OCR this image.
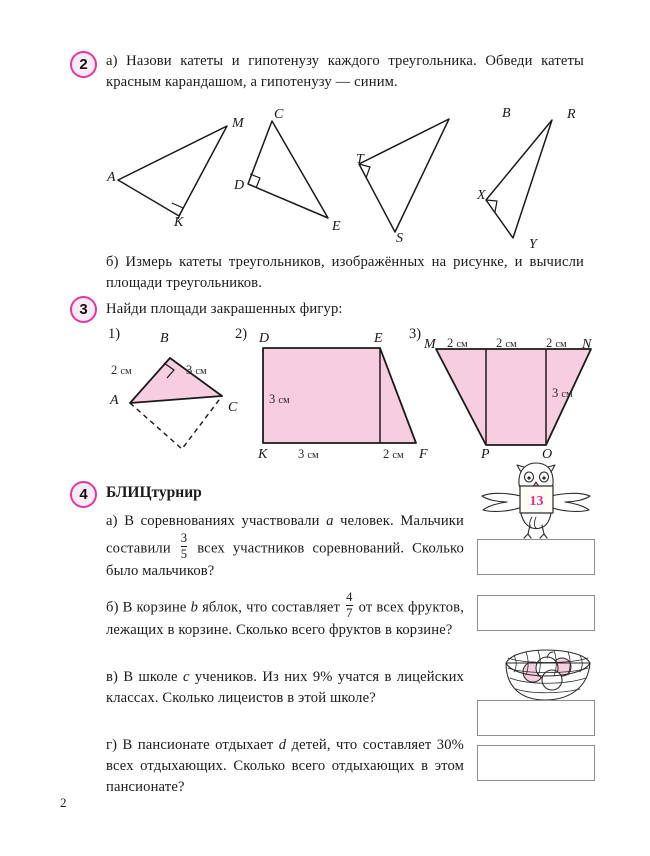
2 а) Назови катеты и гипотенузу каждого треугольника. Обведи катеты красным карандашом, а гипотенузу — синим.
A
M
K
C
D
E
B
T
S
R
X
Y
б) Измерь катеты треугольников, изображённых на рисунке, и вычисли площади треугольников.
3 Найди площади закрашенных фигур:
1)	2)	3)
B
A	C
2 см	3 см
D	E
K	F
3 см
3 см	2 см
M	N
P	O
2 см 2 см 2 см
3 см
4 БЛИЦтурнир
а) В соревнованиях участвовали a человек. Мальчики составили $\frac{3}{5}$ всех участников соревнований. Сколько было мальчиков?
б) В корзине b яблок, что составляет $\frac{4}{7}$ от всех фруктов, лежащих в корзине. Сколько всего фруктов в корзине?
в) В школе c учеников. Из них 9% учатся в лицейских классах. Сколько лицеистов в этой школе?
г) В пансионате отдыхает d детей, что составляет 30% всех отдыхающих. Сколько всего отдыхающих в этом пансионате?
13
2
